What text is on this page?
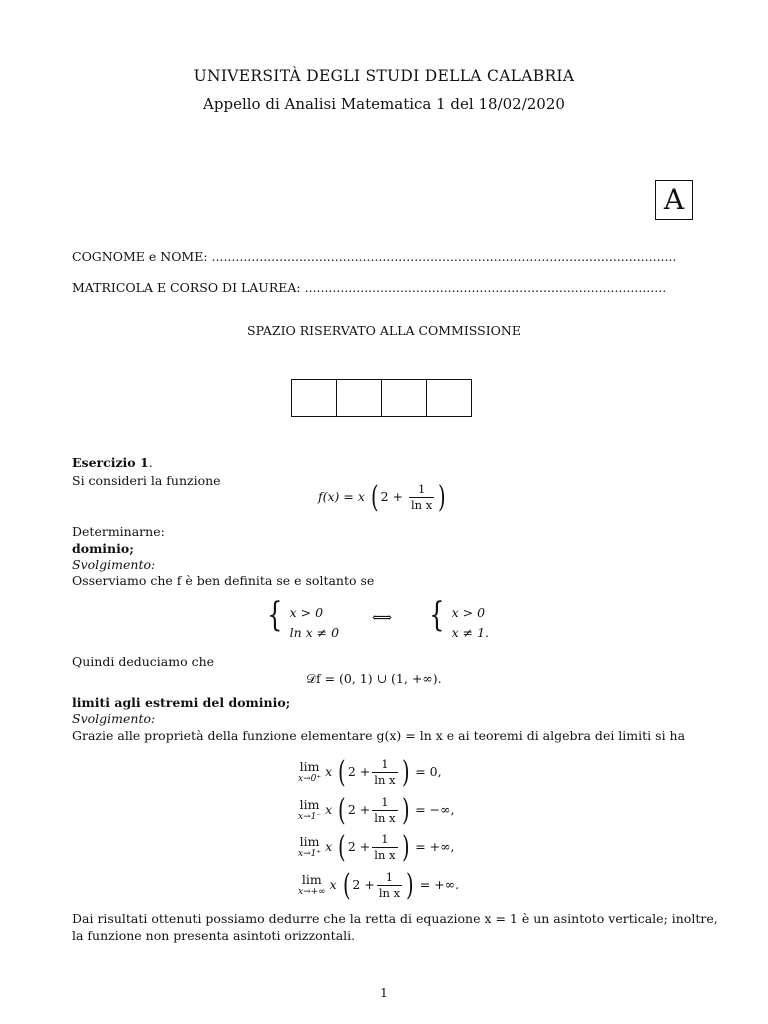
UNIVERSITÀ DEGLI STUDI DELLA CALABRIA
Appello di Analisi Matematica 1 del 18/02/2020
A
COGNOME e NOME: .....................................................................................................................
MATRICOLA E CORSO DI LAUREA: ...........................................................................................
SPAZIO RISERVATO ALLA COMMISSIONE
Esercizio 1.
Si consideri la funzione
f(x) = x ( $2 + \frac{1}{\text{ln x}}$ )
Determinarne:
dominio;
Svolgimento:
Osserviamo che f è ben definita se e soltanto se
{ x > 0
ln x ≠ 0
⟺ { x > 0
x ≠ 1.
Quindi deduciamo che
𝒟f = (0, 1) ∪ (1, +∞).
limiti agli estremi del dominio;
Svolgimento:
Grazie alle proprietà della funzione elementare g(x) = ln x e ai teoremi di algebra dei limiti si ha
lim
x→0⁺ x ( $2 + \frac{1}{\text{ln x}}$ ) = 0,
lim
x→1⁻ x ( $2 + \frac{1}{\text{ln x}}$ ) = −∞,
lim
x→1⁺ x ( $2 + \frac{1}{\text{ln x}}$ ) = +∞,
lim
x→+∞ x ( $2 + \frac{1}{\text{ln x}}$ ) = +∞.
Dai risultati ottenuti possiamo dedurre che la retta di equazione x = 1 è un asintoto verticale; inoltre,
la funzione non presenta asintoti orizzontali.
1
